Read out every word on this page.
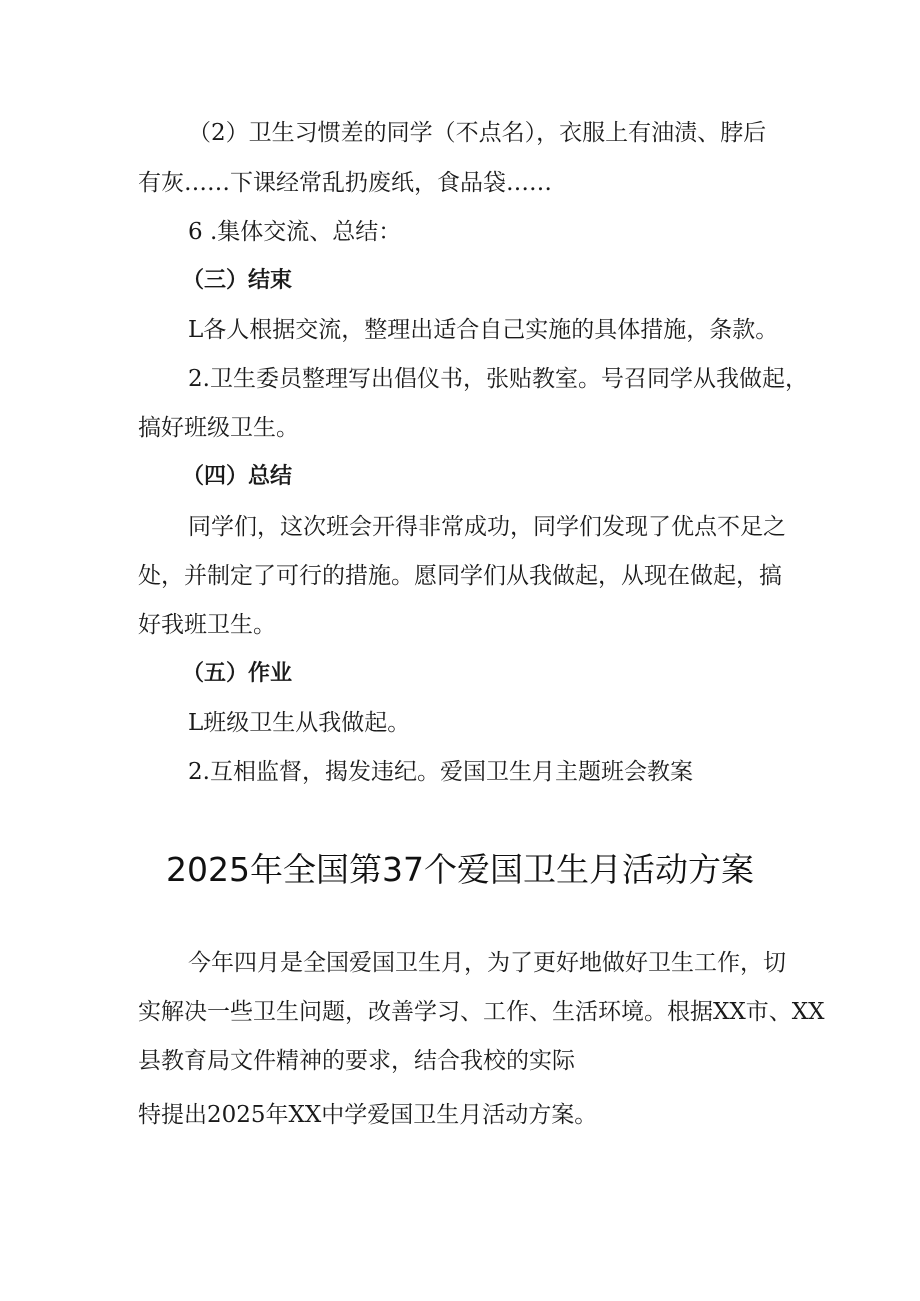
（2）卫生习惯差的同学（不点名），衣服上有油渍、脖后
有灰……下课经常乱扔废纸，食品袋……
6 .集体交流、总结：
（三）结束
L各人根据交流，整理出适合自己实施的具体措施，条款。
2.卫生委员整理写出倡仪书，张贴教室。号召同学从我做起，
搞好班级卫生。
（四）总结
同学们，这次班会开得非常成功，同学们发现了优点不足之
处，并制定了可行的措施。愿同学们从我做起，从现在做起，搞
好我班卫生。
（五）作业
L班级卫生从我做起。
2.互相监督，揭发违纪。爱国卫生月主题班会教案
2025年全国第37个爱国卫生月活动方案
今年四月是全国爱国卫生月，为了更好地做好卫生工作，切
实解决一些卫生问题，改善学习、工作、生活环境。根据XX市、XX
县教育局文件精神的要求，结合我校的实际
特提出2025年XX中学爱国卫生月活动方案。
